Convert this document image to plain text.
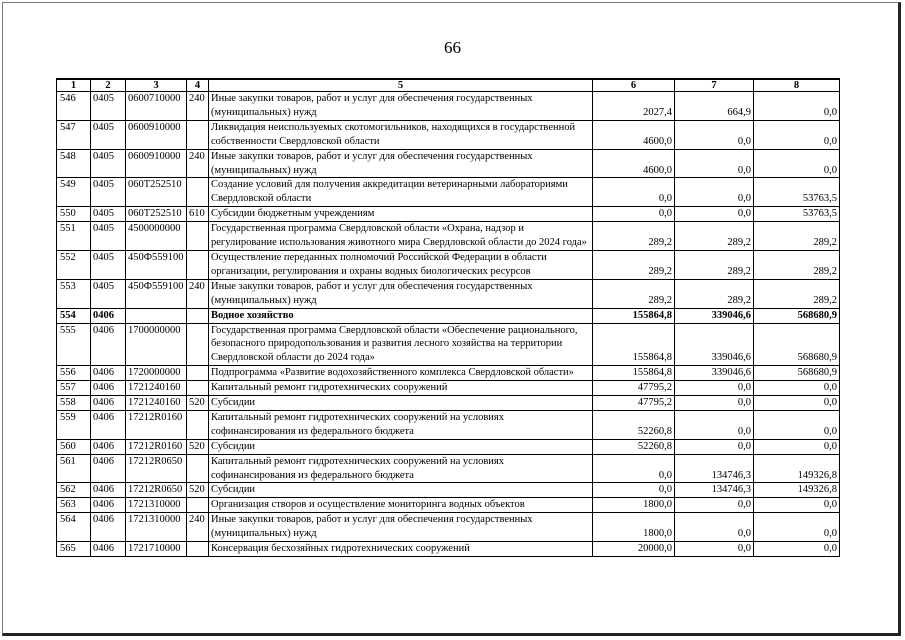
66
1	2	3	4	5	6	7	8
546	0405	0600710000	240	Иные закупки товаров, работ и услуг для обеспечения государственных (муниципальных) нужд	2027,4	664,9	0,0
547	0405	0600910000		Ликвидация неиспользуемых скотомогильников, находящихся в государственной собственности Свердловской области	4600,0	0,0	0,0
548	0405	0600910000	240	Иные закупки товаров, работ и услуг для обеспечения государственных (муниципальных) нужд	4600,0	0,0	0,0
549	0405	060Т252510		Создание условий для получения аккредитации ветеринарными лабораториями Свердловской области	0,0	0,0	53763,5
550	0405	060Т252510	610	Субсидии бюджетным учреждениям	0,0	0,0	53763,5
551	0405	4500000000		Государственная программа Свердловской области «Охрана, надзор и регулирование использования животного мира Свердловской области до 2024 года»	289,2	289,2	289,2
552	0405	450Ф559100		Осуществление переданных полномочий Российской Федерации в области организации, регулирования и охраны водных биологических ресурсов	289,2	289,2	289,2
553	0405	450Ф559100	240	Иные закупки товаров, работ и услуг для обеспечения государственных (муниципальных) нужд	289,2	289,2	289,2
554	0406			Водное хозяйство	155864,8	339046,6	568680,9
555	0406	1700000000		Государственная программа Свердловской области «Обеспечение рационального, безопасного природопользования и развития лесного хозяйства на территории Свердловской области до 2024 года»	155864,8	339046,6	568680,9
556	0406	1720000000		Подпрограмма «Развитие водохозяйственного комплекса Свердловской области»	155864,8	339046,6	568680,9
557	0406	1721240160		Капитальный ремонт гидротехнических сооружений	47795,2	0,0	0,0
558	0406	1721240160	520	Субсидии	47795,2	0,0	0,0
559	0406	17212R0160		Капитальный ремонт гидротехнических сооружений на условиях софинансирования из федерального бюджета	52260,8	0,0	0,0
560	0406	17212R0160	520	Субсидии	52260,8	0,0	0,0
561	0406	17212R0650		Капитальный ремонт гидротехнических сооружений на условиях софинансирования из федерального бюджета	0,0	134746,3	149326,8
562	0406	17212R0650	520	Субсидии	0,0	134746,3	149326,8
563	0406	1721310000		Организация створов и осуществление мониторинга водных объектов	1800,0	0,0	0,0
564	0406	1721310000	240	Иные закупки товаров, работ и услуг для обеспечения государственных (муниципальных) нужд	1800,0	0,0	0,0
565	0406	1721710000		Консервация бесхозяйных гидротехнических сооружений	20000,0	0,0	0,0
